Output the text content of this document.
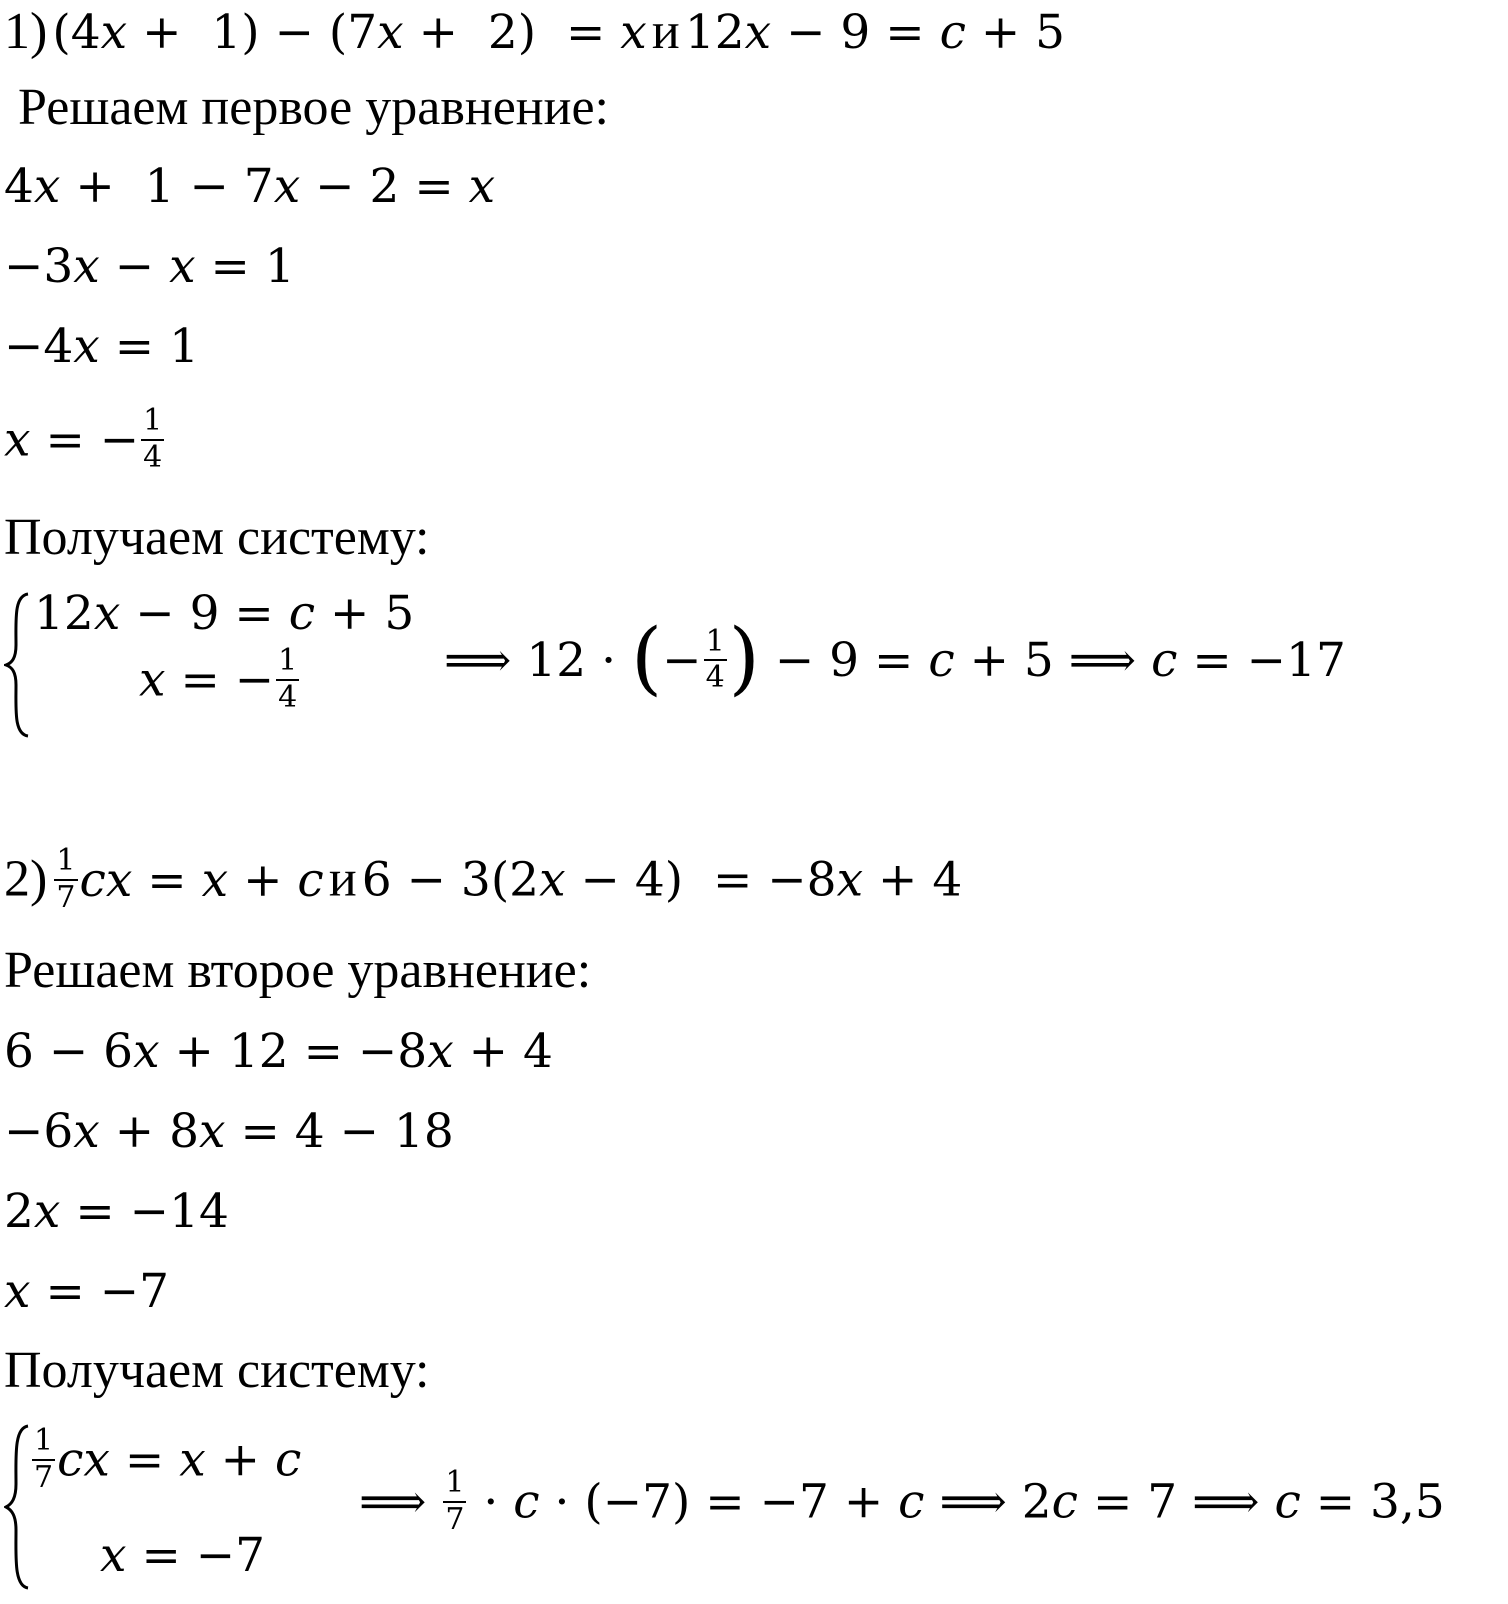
1) (4x +  1) − (7x +  2)  = x и 12x − 9 = c + 5
Решаем первое уравнение:
4x +  1 − 7x − 2 = x
−3x − x = 1
−4x = 1
x = − $\frac{1}{4}$
Получаем систему:
12x − 9 = c + 5
x = − $\frac{1}{4}$	⟹ 12 · (− $\frac{1}{4}$ ) − 9 = c + 5 ⟹ c = −17
$2) \frac{1}{7}$ cx = x + c и 6 − 3(2x − 4)  = −8x + 4
Решаем второе уравнение:
6 − 6x + 12 = −8x + 4
−6x + 8x = 4 − 18
2x = −14
x = −7
Получаем систему:
$\frac{1}{7}$ cx = x + c
x = −7
⟹ $\frac{1}{7} \cdot c \cdot (-7) = -7 + c$ ⟹ 2c = 7 ⟹ c = 3,5
